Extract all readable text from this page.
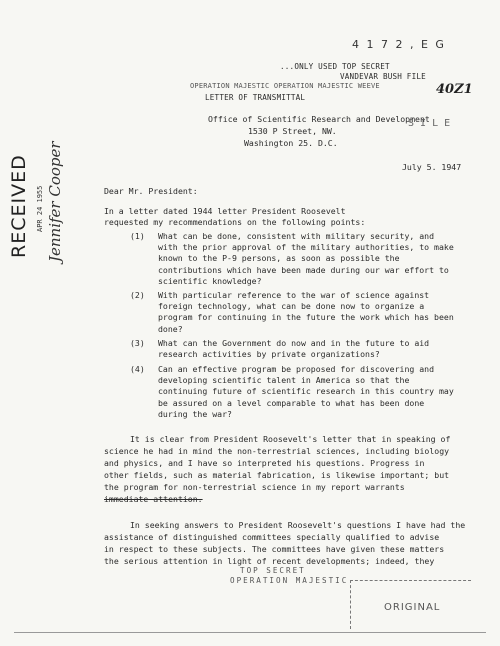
4 1 7 2 , E G
...ONLY USED TOP SECRET
VANDEVAR BUSH FILE
OPERATION MAJESTIC OPERATION MAJESTIC WEEVE	40Z1
LETTER OF TRANSMITTAL
Office of Scientific Research and Development
1530 P Street, NW.
Washington 25. D.C.
S I L E
July 5. 1947
RECEIVED APR 24 1955 Jennifer Cooper	Dear Mr. President:
In a letter dated 1944 letter President Roosevelt requested my recommendations on the following points:
(1) What can be done, consistent with military security, and with the prior approval of the military authorities, to make known to the P-9 persons, as soon as possible the contributions which have been made during our war effort to scientific knowledge?
(2) With particular reference to the war of science against foreign technology, what can be done now to organize a program for continuing in the future the work which has been done?
(3) What can the Government do now and in the future to aid research activities by private organizations?
(4) Can an effective program be proposed for discovering and developing scientific talent in America so that the continuing future of scientific research in this country may be assured on a level comparable to what has been done during the war?
It is clear from President Roosevelt's letter that in speaking of
science he had in mind the non-terrestrial sciences, including biology
and physics, and I have so interpreted his questions. Progress in
other fields, such as material fabrication, is likewise important; but
the program for non-terrestrial science in my report warrants
immediate attention.
In seeking answers to President Roosevelt's questions I have had the
assistance of distinguished committees specially qualified to advise
in respect to these subjects. The committees have given these matters
the serious attention in light of recent developments; indeed, they
TOP SECRET
OPERATION MAJESTIC
ORIGINAL
